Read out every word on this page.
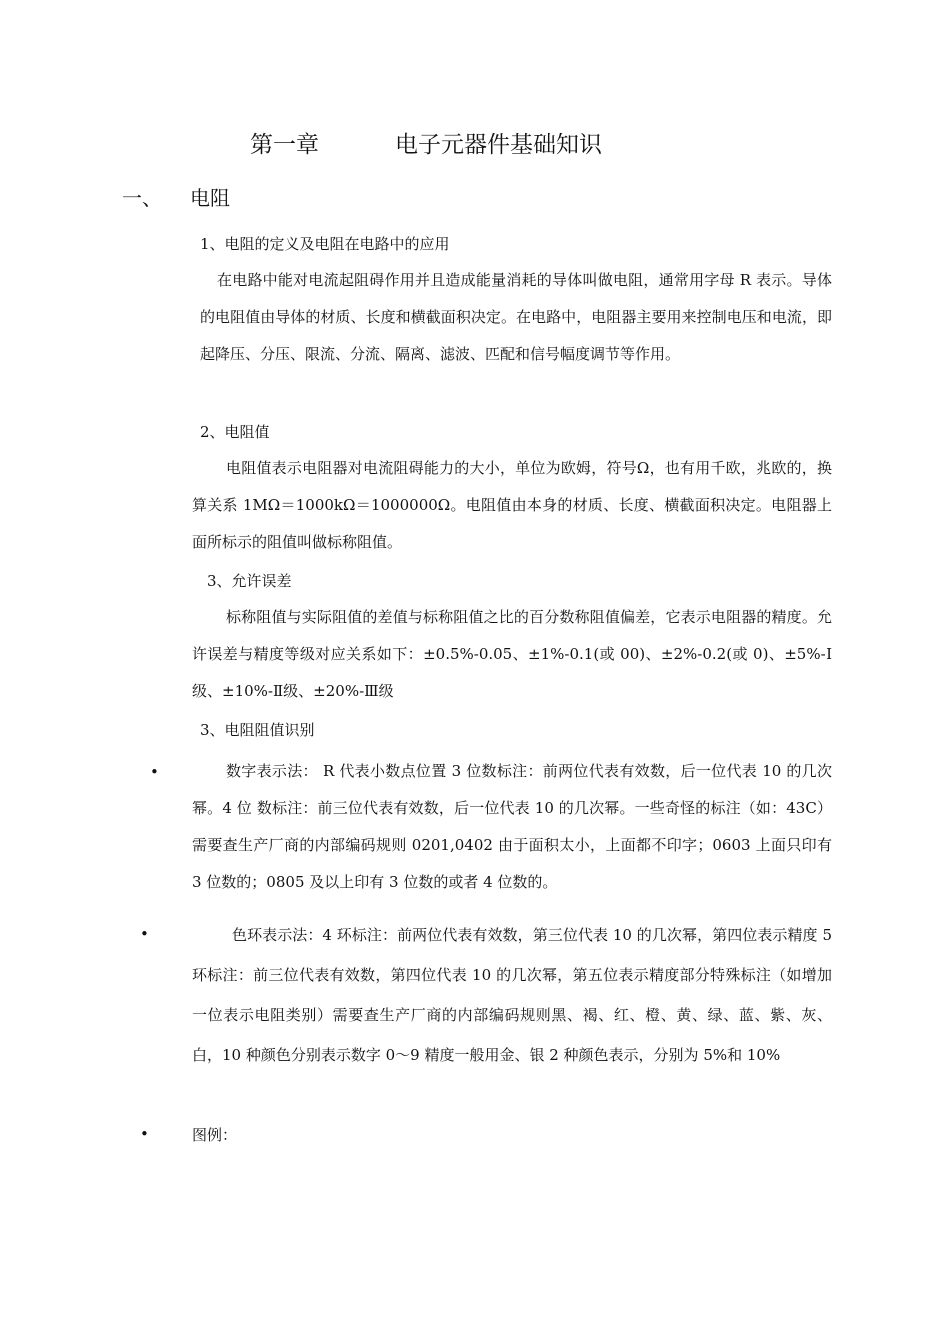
第一章	电子元器件基础知识
一、 电阻
1、电阻的定义及电阻在电路中的应用
在电路中能对电流起阻碍作用并且造成能量消耗的导体叫做电阻，通常用字母 R 表示。导体的电阻值由导体的材质、长度和横截面积决定。在电路中，电阻器主要用来控制电压和电流，即起降压、分压、限流、分流、隔离、滤波、匹配和信号幅度调节等作用。
2、电阻值
电阻值表示电阻器对电流阻碍能力的大小，单位为欧姆，符号Ω，也有用千欧，兆欧的，换算关系 1MΩ＝1000kΩ＝1000000Ω。电阻值由本身的材质、长度、横截面积决定。电阻器上面所标示的阻值叫做标称阻值。
3、允许误差
标称阻值与实际阻值的差值与标称阻值之比的百分数称阻值偏差，它表示电阻器的精度。允许误差与精度等级对应关系如下：±0.5%-0.05、±1%-0.1(或 00)、±2%-0.2(或 0)、±5%-Ⅰ级、±10%-Ⅱ级、±20%-Ⅲ级
3、电阻阻值识别
•	数字表示法： R 代表小数点位置 3 位数标注：前两位代表有效数，后一位代表 10 的几次幂。4 位 数标注：前三位代表有效数，后一位代表 10 的几次幂。一些奇怪的标注（如：43C）需要查生产厂商的内部编码规则 0201,0402 由于面积太小，上面都不印字；0603 上面只印有 3 位数的；0805 及以上印有 3 位数的或者 4 位数的。
•	色环表示法：4 环标注：前两位代表有效数，第三位代表 10 的几次幂，第四位表示精度 5 环标注：前三位代表有效数，第四位代表 10 的几次幂，第五位表示精度部分特殊标注（如增加一位表示电阻类别）需要查生产厂商的内部编码规则黑、褐、红、橙、黄、绿、蓝、紫、灰、白，10 种颜色分别表示数字 0～9 精度一般用金、银 2 种颜色表示，分别为 5%和 10%
•	图例：
